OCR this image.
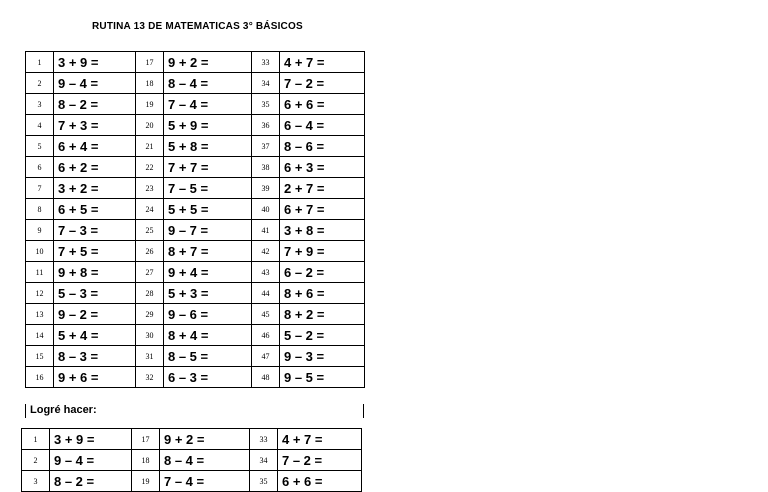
RUTINA 13 DE MATEMATICAS 3° BÁSICOS
1	3 + 9 =	17	9 + 2 =	33	4 + 7 =
2	9 – 4 =	18	8 – 4 =	34	7 – 2 =
3	8 – 2 =	19	7 – 4 =	35	6 + 6 =
4	7 + 3 =	20	5 + 9 =	36	6 – 4 =
5	6 + 4 =	21	5 + 8 =	37	8 – 6 =
6	6 + 2 =	22	7 + 7 =	38	6 + 3 =
7	3 + 2 =	23	7 – 5 =	39	2 + 7 =
8	6 + 5 =	24	5 + 5 =	40	6 + 7 =
9	7 – 3 =	25	9 – 7 =	41	3 + 8 =
10	7 + 5 =	26	8 + 7 =	42	7 + 9 =
11	9 + 8 =	27	9 + 4 =	43	6 – 2 =
12	5 – 3 =	28	5 + 3 =	44	8 + 6 =
13	9 – 2 =	29	9 – 6 =	45	8 + 2 =
14	5 + 4 =	30	8 + 4 =	46	5 – 2 =
15	8 – 3 =	31	8 – 5 =	47	9 – 3 =
16	9 + 6 =	32	6 – 3 =	48	9 – 5 =
Logré hacer:
1	3 + 9 =	17	9 + 2 =	33	4 + 7 =
2	9 – 4 =	18	8 – 4 =	34	7 – 2 =
3	8 – 2 =	19	7 – 4 =	35	6 + 6 =
